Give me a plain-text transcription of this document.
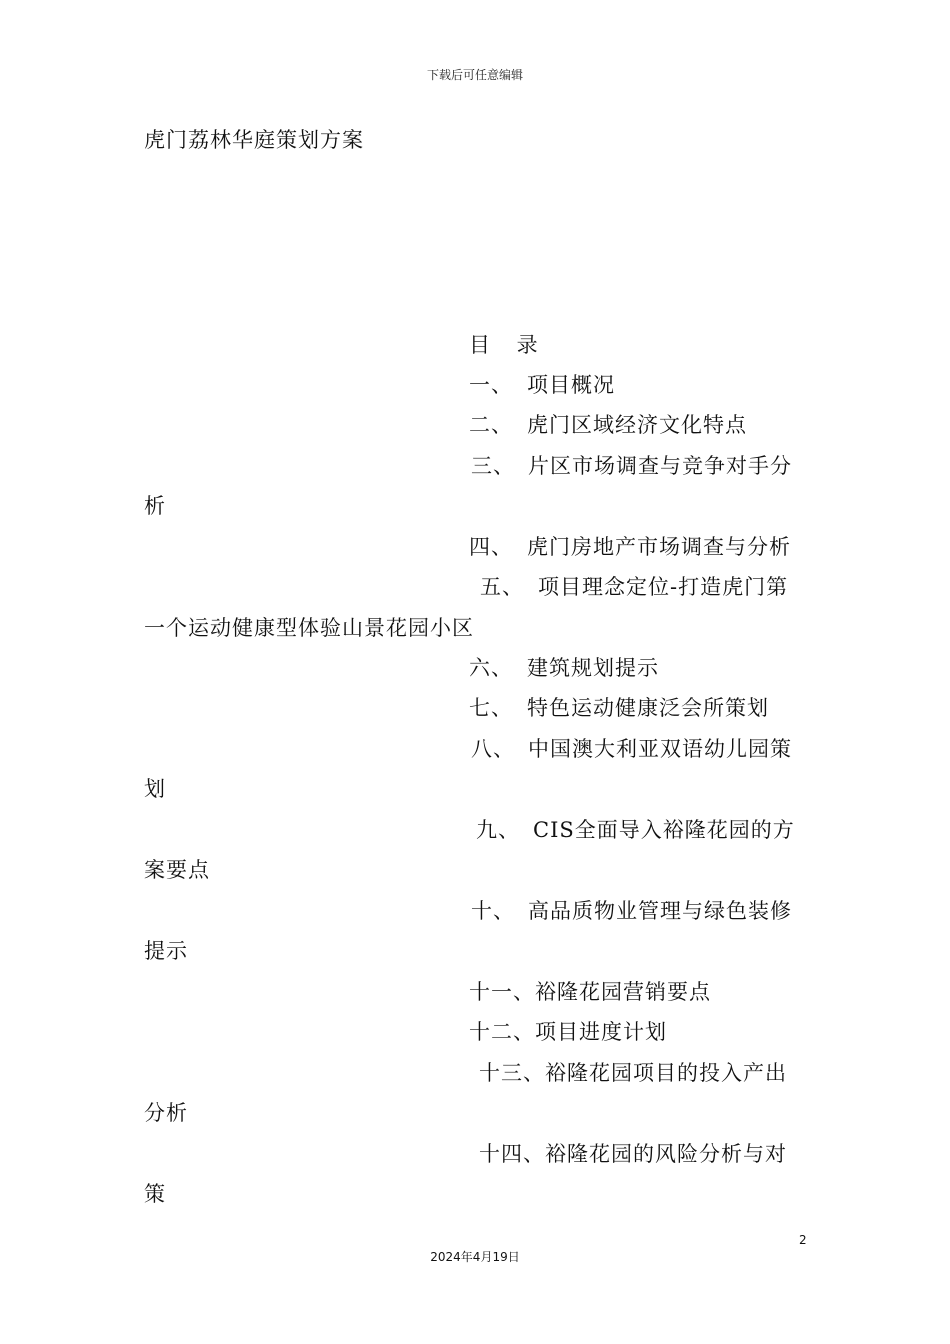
下载后可任意编辑
虎门荔林华庭策划方案
目 录
一、 项目概况
二、 虎门区域经济文化特点
三、 片区市场调查与竞争对手分
析
四、 虎门房地产市场调查与分析
五、 项目理念定位-打造虎门第
一个运动健康型体验山景花园小区
六、 建筑规划提示
七、 特色运动健康泛会所策划
八、 中国澳大利亚双语幼儿园策
划
九、 CIS全面导入裕隆花园的方
案要点
十、 高品质物业管理与绿色装修
提示
十一、裕隆花园营销要点
十二、项目进度计划
十三、裕隆花园项目的投入产出
分析
十四、裕隆花园的风险分析与对
策
2
2024年4月19日
